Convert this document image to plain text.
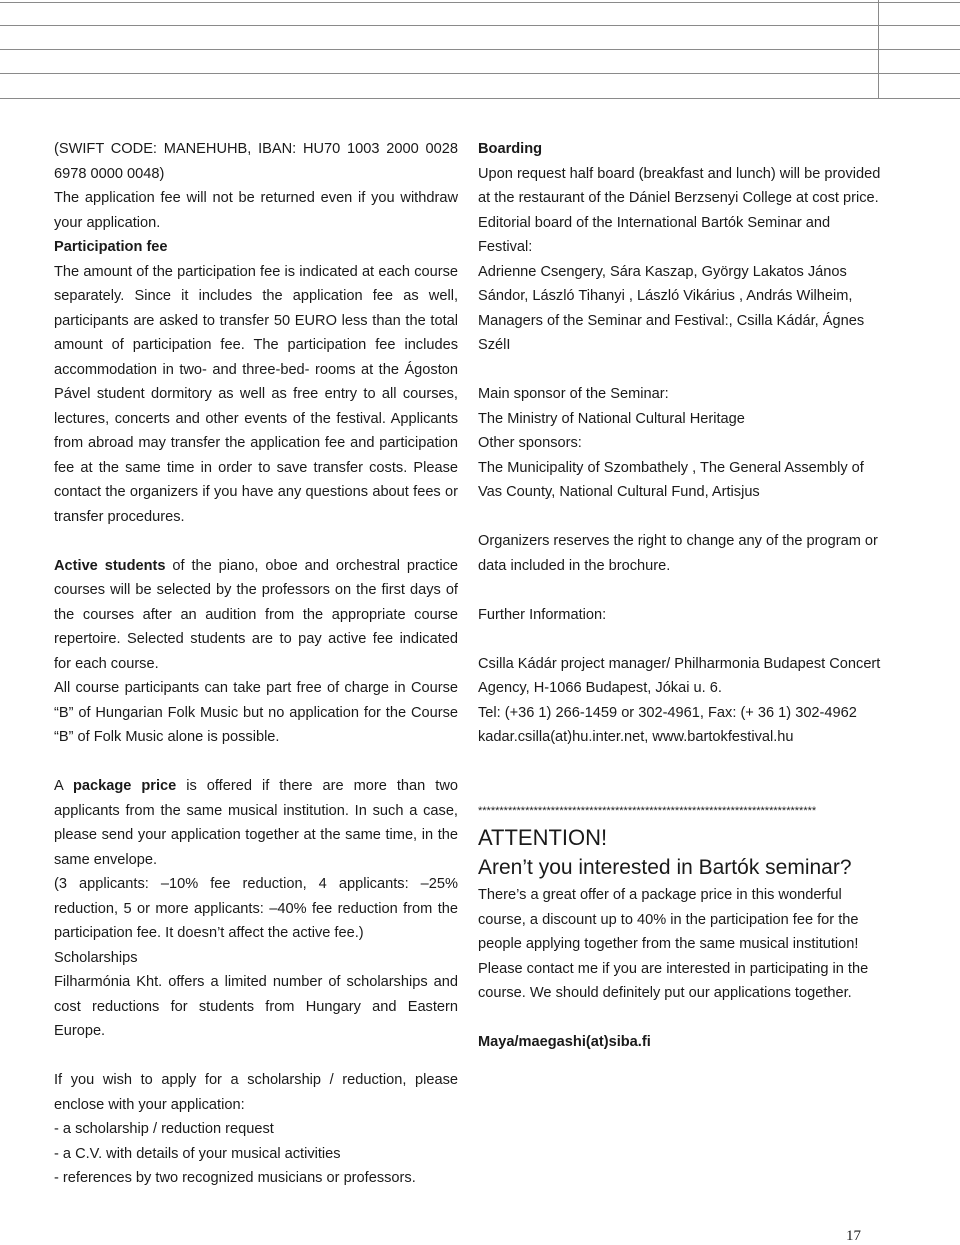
(SWIFT CODE: MANEHUHB, IBAN: HU70 1003 2000 0028 6978 0000 0048)

The application fee will not be returned even if you withdraw your application.

Participation fee

The amount of the participation fee is indicated at each course separately. Since it includes the application fee as well, participants are asked to transfer 50 EURO less than the total amount of participation fee. The participation fee includes accommodation in two- and three-bed- rooms at the Ágoston Pável student dormitory as well as free entry to all courses, lectures, concerts and other events of the festival. Applicants from abroad may transfer the application fee and participation fee at the same time in order to save transfer costs. Please contact the organizers if you have any questions about fees or transfer procedures.

Active students of the piano, oboe and orchestral practice courses will be selected by the professors on the first days of the courses after an audition from the appropriate course repertoire. Selected students are to pay active fee indicated for each course.

All course participants can take part free of charge in Course “B” of Hungarian Folk Music but no application for the Course “B” of Folk Music alone is possible.

A package price is offered if there are more than two applicants from the same musical institution. In such a case, please send your application together at the same time, in the same envelope.

(3 applicants: –10% fee reduction, 4 applicants: –25% reduction, 5 or more applicants: –40% fee reduction from the participation fee. It doesn’t affect the active fee.)

Scholarships

Filharmónia Kht. offers a limited number of scholarships and cost reductions for students from Hungary and Eastern Europe.

If you wish to apply for a scholarship / reduction, please enclose with your application:

- a scholarship / reduction request

- a C.V. with details of your musical activities

- references by two recognized musicians or professors.

Boarding

Upon request half board (breakfast and lunch) will be provided at the restaurant of the Dániel Berzsenyi College at cost price.

Editorial board of the International Bartók Seminar and Festival:

Adrienne Csengery, Sára Kaszap, György Lakatos János Sándor, László Tihanyi , László Vikárius , András Wilheim, Managers of the Seminar and Festival:, Csilla Kádár, Ágnes SzélI

Main sponsor of the Seminar:

The Ministry of National Cultural Heritage

Other sponsors:

The Municipality of Szombathely , The General Assembly of Vas County, National Cultural Fund, Artisjus

Organizers reserves the right to change any of the program or data included in the brochure.

Further Information:

Csilla Kádár project manager/ Philharmonia Budapest Concert Agency, H-1066 Budapest, Jókai u. 6.

Tel: (+36 1) 266-1459 or 302-4961, Fax: (+ 36 1) 302-4962

kadar.csilla(at)hu.inter.net, www.bartokfestival.hu

*******************************************************************************

ATTENTION!

Aren’t you interested in Bartók seminar?

There’s a great offer of a package price in this wonderful course, a discount up to 40% in the participation fee for the people applying together from the same musical institution! Please contact me if you are interested in participating in the course. We should definitely put our applications together.

Maya/maegashi(at)siba.fi

17
